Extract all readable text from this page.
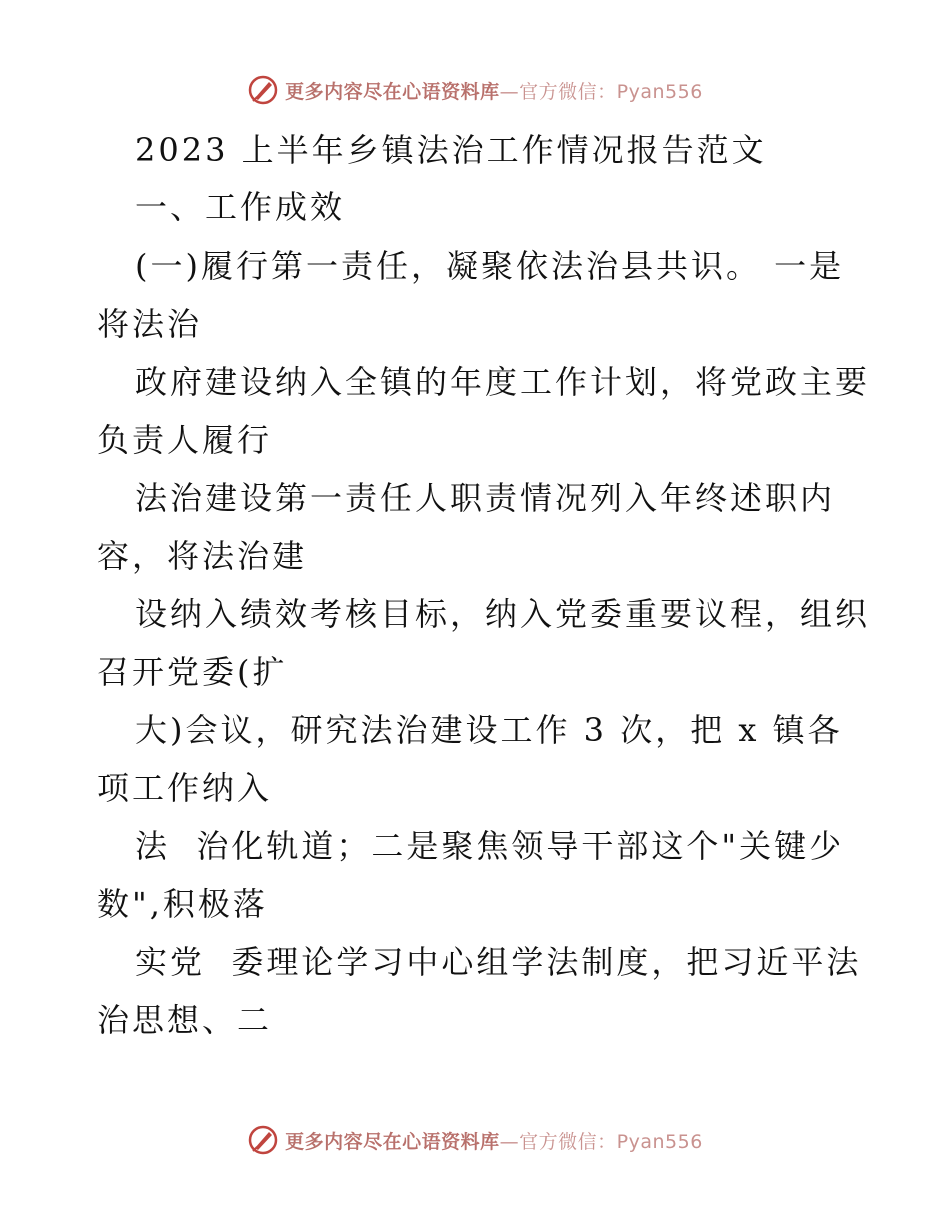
更多内容尽在心语资料库—官方微信：Pyan556
2023 上半年乡镇法治工作情况报告范文
一、工作成效
(一)履行第一责任，凝聚依法治县共识。 一是
将法治
政府建设纳入全镇的年度工作计划，将党政主要
负责人履行
法治建设第一责任人职责情况列入年终述职内
容，将法治建
设纳入绩效考核目标，纳入党委重要议程，组织
召开党委(扩
大)会议，研究法治建设工作 3 次，把 x 镇各
项工作纳入
法  治化轨道；二是聚焦领导干部这个"关键少
数",积极落
实党  委理论学习中心组学法制度，把习近平法
治思想、二
更多内容尽在心语资料库—官方微信：Pyan556
